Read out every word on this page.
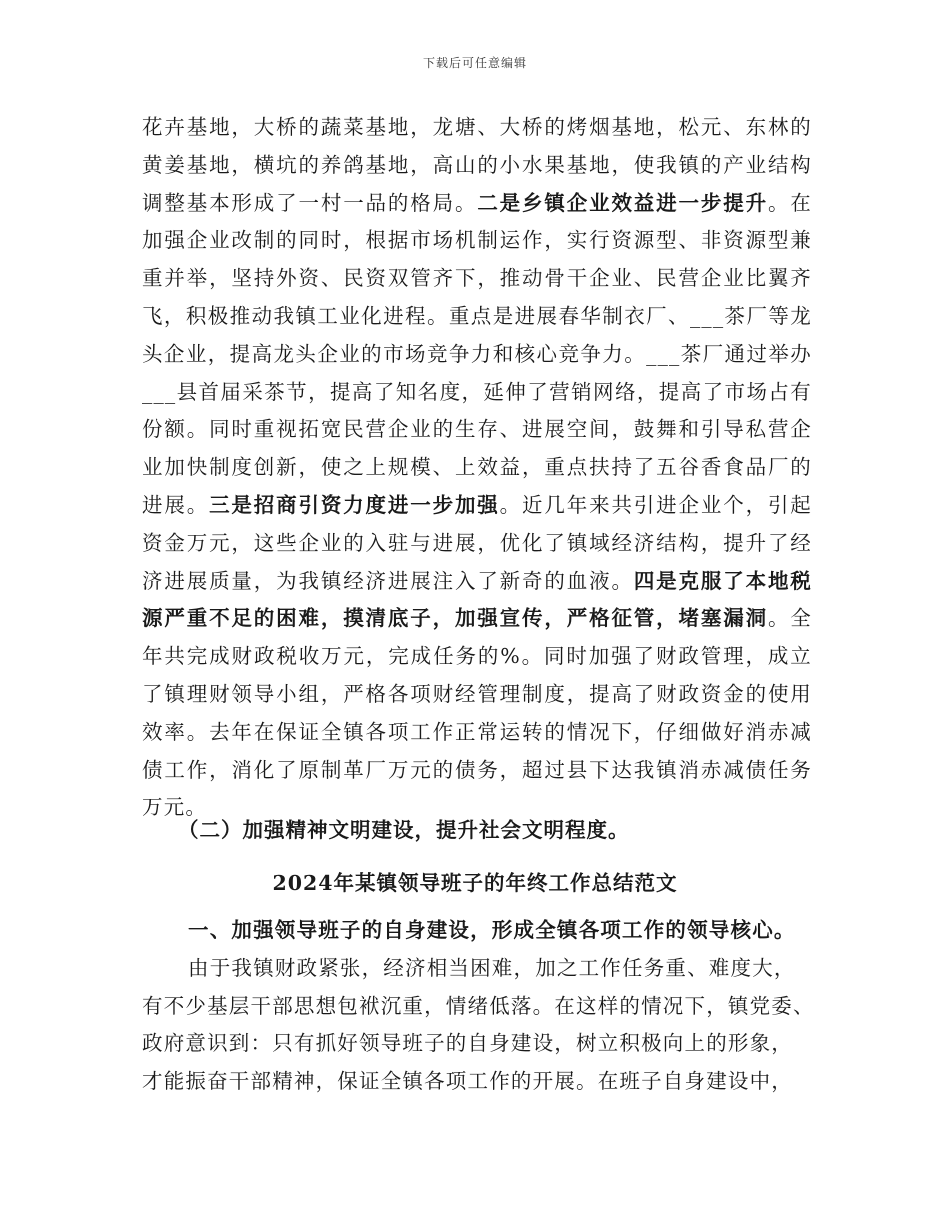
下载后可任意编辑
花卉基地，大桥的蔬菜基地，龙塘、大桥的烤烟基地，松元、东林的黄姜基地，横坑的养鸽基地，高山的小水果基地，使我镇的产业结构调整基本形成了一村一品的格局。二是乡镇企业效益进一步提升。在加强企业改制的同时，根据市场机制运作，实行资源型、非资源型兼重并举，坚持外资、民资双管齐下，推动骨干企业、民营企业比翼齐飞，积极推动我镇工业化进程。重点是进展春华制衣厂、___茶厂等龙头企业，提高龙头企业的市场竞争力和核心竞争力。___茶厂通过举办___县首届采茶节，提高了知名度，延伸了营销网络，提高了市场占有份额。同时重视拓宽民营企业的生存、进展空间，鼓舞和引导私营企业加快制度创新，使之上规模、上效益，重点扶持了五谷香食品厂的进展。三是招商引资力度进一步加强。近几年来共引进企业个，引起资金万元，这些企业的入驻与进展，优化了镇域经济结构，提升了经济进展质量，为我镇经济进展注入了新奇的血液。四是克服了本地税源严重不足的困难，摸清底子，加强宣传，严格征管，堵塞漏洞。全年共完成财政税收万元，完成任务的%。同时加强了财政管理，成立了镇理财领导小组，严格各项财经管理制度，提高了财政资金的使用效率。去年在保证全镇各项工作正常运转的情况下，仔细做好消赤减债工作，消化了原制革厂万元的债务，超过县下达我镇消赤减债任务万元。
（二）加强精神文明建设，提升社会文明程度。
2024年某镇领导班子的年终工作总结范文
一、加强领导班子的自身建设，形成全镇各项工作的领导核心。
由于我镇财政紧张，经济相当困难，加之工作任务重、难度大，
有不少基层干部思想包袱沉重，情绪低落。在这样的情况下，镇党委、
政府意识到：只有抓好领导班子的自身建设，树立积极向上的形象，
才能振奋干部精神，保证全镇各项工作的开展。在班子自身建设中，
